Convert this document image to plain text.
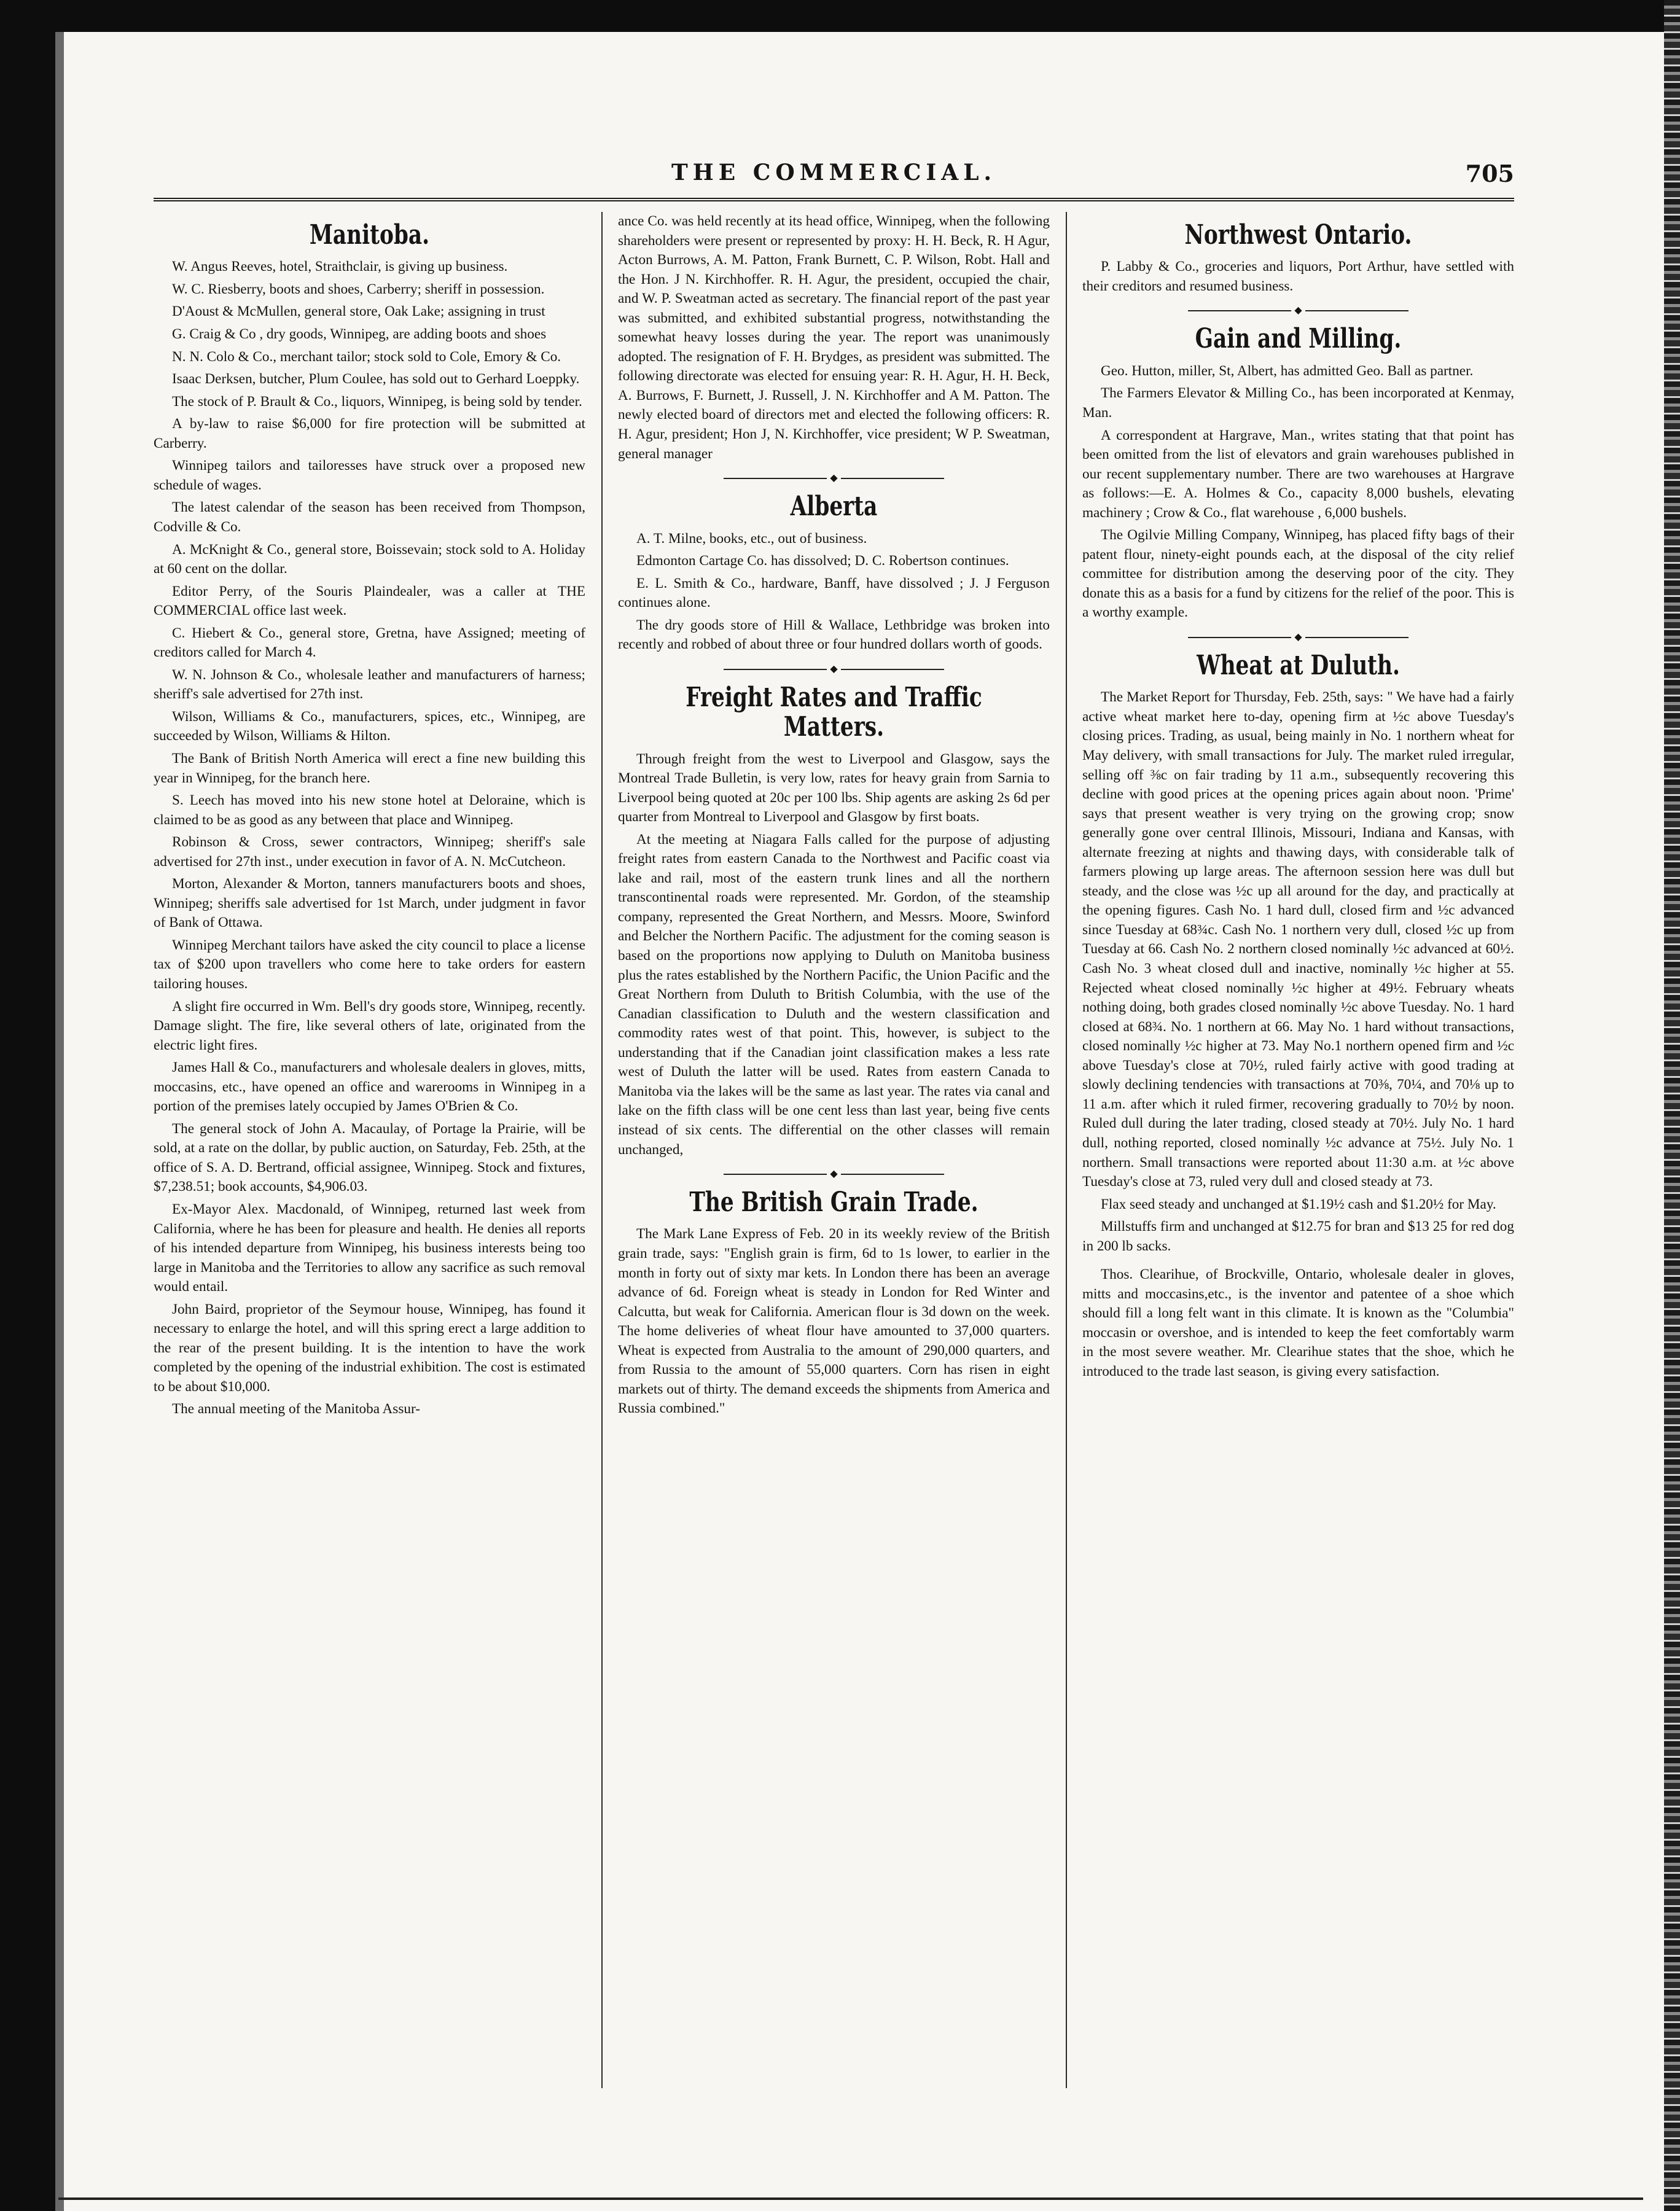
THE COMMERCIAL.	705
Manitoba.

W. Angus Reeves, hotel, Straithclair, is giving up business.

W. C. Riesberry, boots and shoes, Carberry; sheriff in possession.

D'Aoust & McMullen, general store, Oak Lake; assigning in trust

G. Craig & Co , dry goods, Winnipeg, are adding boots and shoes

N. N. Colo & Co., merchant tailor; stock sold to Cole, Emory & Co.

Isaac Derksen, butcher, Plum Coulee, has sold out to Gerhard Loeppky.

The stock of P. Brault & Co., liquors, Winnipeg, is being sold by tender.

A by-law to raise $6,000 for fire protection will be submitted at Carberry.

Winnipeg tailors and tailoresses have struck over a proposed new schedule of wages.

The latest calendar of the season has been received from Thompson, Codville & Co.

A. McKnight & Co., general store, Boissevain; stock sold to A. Holiday at 60 cent on the dollar.

Editor Perry, of the Souris Plaindealer, was a caller at THE COMMERCIAL office last week.

C. Hiebert & Co., general store, Gretna, have Assigned; meeting of creditors called for March 4.

W. N. Johnson & Co., wholesale leather and manufacturers of harness; sheriff's sale advertised for 27th inst.

Wilson, Williams & Co., manufacturers, spices, etc., Winnipeg, are succeeded by Wilson, Williams & Hilton.

The Bank of British North America will erect a fine new building this year in Winnipeg, for the branch here.

S. Leech has moved into his new stone hotel at Deloraine, which is claimed to be as good as any between that place and Winnipeg.

Robinson & Cross, sewer contractors, Winnipeg; sheriff's sale advertised for 27th inst., under execution in favor of A. N. McCutcheon.

Morton, Alexander & Morton, tanners manufacturers boots and shoes, Winnipeg; sheriffs sale advertised for 1st March, under judgment in favor of Bank of Ottawa.

Winnipeg Merchant tailors have asked the city council to place a license tax of $200 upon travellers who come here to take orders for eastern tailoring houses.

A slight fire occurred in Wm. Bell's dry goods store, Winnipeg, recently. Damage slight. The fire, like several others of late, originated from the electric light fires.

James Hall & Co., manufacturers and wholesale dealers in gloves, mitts, moccasins, etc., have opened an office and warerooms in Winnipeg in a portion of the premises lately occupied by James O'Brien & Co.

The general stock of John A. Macaulay, of Portage la Prairie, will be sold, at a rate on the dollar, by public auction, on Saturday, Feb. 25th, at the office of S. A. D. Bertrand, official assignee, Winnipeg. Stock and fixtures, $7,238.51; book accounts, $4,906.03.

Ex-Mayor Alex. Macdonald, of Winnipeg, returned last week from California, where he has been for pleasure and health. He denies all reports of his intended departure from Winnipeg, his business interests being too large in Manitoba and the Territories to allow any sacrifice as such removal would entail.

John Baird, proprietor of the Seymour house, Winnipeg, has found it necessary to enlarge the hotel, and will this spring erect a large addition to the rear of the present building. It is the intention to have the work completed by the opening of the industrial exhibition. The cost is estimated to be about $10,000.

The annual meeting of the Manitoba Assur-

ance Co. was held recently at its head office, Winnipeg, when the following shareholders were present or represented by proxy: H. H. Beck, R. H Agur, Acton Burrows, A. M. Patton, Frank Burnett, C. P. Wilson, Robt. Hall and the Hon. J N. Kirchhoffer. R. H. Agur, the president, occupied the chair, and W. P. Sweatman acted as secretary. The financial report of the past year was submitted, and exhibited substantial progress, notwithstanding the somewhat heavy losses during the year. The report was unanimously adopted. The resignation of F. H. Brydges, as president was submitted. The following directorate was elected for ensuing year: R. H. Agur, H. H. Beck, A. Burrows, F. Burnett, J. Russell, J. N. Kirchhoffer and A M. Patton. The newly elected board of directors met and elected the following officers: R. H. Agur, president; Hon J, N. Kirchhoffer, vice president; W P. Sweatman, general manager

◆
Alberta

A. T. Milne, books, etc., out of business.

Edmonton Cartage Co. has dissolved; D. C. Robertson continues.

E. L. Smith & Co., hardware, Banff, have dissolved ; J. J Ferguson continues alone.

The dry goods store of Hill & Wallace, Lethbridge was broken into recently and robbed of about three or four hundred dollars worth of goods.

◆
Freight Rates and Traffic Matters.

Through freight from the west to Liverpool and Glasgow, says the Montreal Trade Bulletin, is very low, rates for heavy grain from Sarnia to Liverpool being quoted at 20c per 100 lbs. Ship agents are asking 2s 6d per quarter from Montreal to Liverpool and Glasgow by first boats.

At the meeting at Niagara Falls called for the purpose of adjusting freight rates from eastern Canada to the Northwest and Pacific coast via lake and rail, most of the eastern trunk lines and all the northern transcontinental roads were represented. Mr. Gordon, of the steamship company, represented the Great Northern, and Messrs. Moore, Swinford and Belcher the Northern Pacific. The adjustment for the coming season is based on the proportions now applying to Duluth on Manitoba business plus the rates established by the Northern Pacific, the Union Pacific and the Great Northern from Duluth to British Columbia, with the use of the Canadian classification to Duluth and the western classification and commodity rates west of that point. This, however, is subject to the understanding that if the Canadian joint classification makes a less rate west of Duluth the latter will be used. Rates from eastern Canada to Manitoba via the lakes will be the same as last year. The rates via canal and lake on the fifth class will be one cent less than last year, being five cents instead of six cents. The differential on the other classes will remain unchanged,

◆
The British Grain Trade.

The Mark Lane Express of Feb. 20 in its weekly review of the British grain trade, says: "English grain is firm, 6d to 1s lower, to earlier in the month in forty out of sixty mar kets. In London there has been an average advance of 6d. Foreign wheat is steady in London for Red Winter and Calcutta, but weak for California. American flour is 3d down on the week. The home deliveries of wheat flour have amounted to 37,000 quarters. Wheat is expected from Australia to the amount of 290,000 quarters, and from Russia to the amount of 55,000 quarters. Corn has risen in eight markets out of thirty. The demand exceeds the shipments from America and Russia combined."

Northwest Ontario.

P. Labby & Co., groceries and liquors, Port Arthur, have settled with their creditors and resumed business.

◆
Gain and Milling.

Geo. Hutton, miller, St, Albert, has admitted Geo. Ball as partner.

The Farmers Elevator & Milling Co., has been incorporated at Kenmay, Man.

A correspondent at Hargrave, Man., writes stating that that point has been omitted from the list of elevators and grain warehouses published in our recent supplementary number. There are two warehouses at Hargrave as follows:—E. A. Holmes & Co., capacity 8,000 bushels, elevating machinery ; Crow & Co., flat warehouse , 6,000 bushels.

The Ogilvie Milling Company, Winnipeg, has placed fifty bags of their patent flour, ninety-eight pounds each, at the disposal of the city relief committee for distribution among the deserving poor of the city. They donate this as a basis for a fund by citizens for the relief of the poor. This is a worthy example.

◆
Wheat at Duluth.

The Market Report for Thursday, Feb. 25th, says: " We have had a fairly active wheat market here to-day, opening firm at ½c above Tuesday's closing prices. Trading, as usual, being mainly in No. 1 northern wheat for May delivery, with small transactions for July. The market ruled irregular, selling off ⅜c on fair trading by 11 a.m., subsequently recovering this decline with good prices at the opening prices again about noon. 'Prime' says that present weather is very trying on the growing crop; snow generally gone over central Illinois, Missouri, Indiana and Kansas, with alternate freezing at nights and thawing days, with considerable talk of farmers plowing up large areas. The afternoon session here was dull but steady, and the close was ½c up all around for the day, and practically at the opening figures. Cash No. 1 hard dull, closed firm and ½c advanced since Tuesday at 68¾c. Cash No. 1 northern very dull, closed ½c up from Tuesday at 66. Cash No. 2 northern closed nominally ½c advanced at 60½. Cash No. 3 wheat closed dull and inactive, nominally ½c higher at 55. Rejected wheat closed nominally ½c higher at 49½. February wheats nothing doing, both grades closed nominally ½c above Tuesday. No. 1 hard closed at 68¾. No. 1 northern at 66. May No. 1 hard without transactions, closed nominally ½c higher at 73. May No.1 northern opened firm and ½c above Tuesday's close at 70½, ruled fairly active with good trading at slowly declining tendencies with transactions at 70⅜, 70¼, and 70⅛ up to 11 a.m. after which it ruled firmer, recovering gradually to 70½ by noon. Ruled dull during the later trading, closed steady at 70½. July No. 1 hard dull, nothing reported, closed nominally ½c advance at 75½. July No. 1 northern. Small transactions were reported about 11:30 a.m. at ½c above Tuesday's close at 73, ruled very dull and closed steady at 73.

Flax seed steady and unchanged at $1.19½ cash and $1.20½ for May.

Millstuffs firm and unchanged at $12.75 for bran and $13 25 for red dog in 200 lb sacks.

Thos. Clearihue, of Brockville, Ontario, wholesale dealer in gloves, mitts and moccasins,etc., is the inventor and patentee of a shoe which should fill a long felt want in this climate. It is known as the "Columbia" moccasin or overshoe, and is intended to keep the feet comfortably warm in the most severe weather. Mr. Clearihue states that the shoe, which he introduced to the trade last season, is giving every satisfaction.
